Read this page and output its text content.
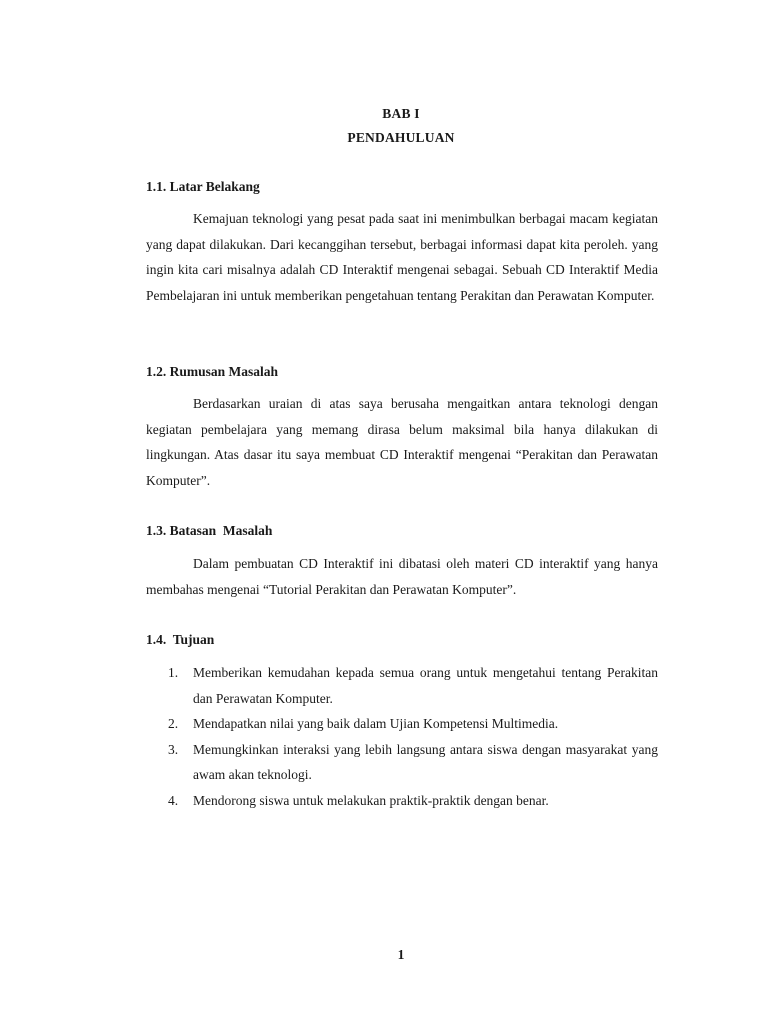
BAB I
PENDAHULUAN
1.1. Latar Belakang

Kemajuan teknologi yang pesat pada saat ini menimbulkan berbagai macam kegiatan yang dapat dilakukan. Dari kecanggihan tersebut, berbagai informasi dapat kita peroleh. yang ingin kita cari misalnya adalah CD Interaktif mengenai sebagai. Sebuah CD Interaktif Media Pembelajaran ini untuk memberikan pengetahuan tentang Perakitan dan Perawatan Komputer.

1.2. Rumusan Masalah

Berdasarkan uraian di atas saya berusaha mengaitkan antara teknologi dengan kegiatan pembelajara yang memang dirasa belum maksimal bila hanya dilakukan di lingkungan. Atas dasar itu saya membuat CD Interaktif mengenai “Perakitan dan Perawatan Komputer”.

1.3. Batasan  Masalah

Dalam pembuatan CD Interaktif ini dibatasi oleh materi CD interaktif yang hanya membahas mengenai “Tutorial Perakitan dan Perawatan Komputer”.

1.4.  Tujuan
1.	Memberikan kemudahan kepada semua orang untuk mengetahui tentang Perakitan dan Perawatan Komputer.
2.	Mendapatkan nilai yang baik dalam Ujian Kompetensi Multimedia.
3.	Memungkinkan interaksi yang lebih langsung antara siswa dengan masyarakat yang awam akan teknologi.
4.	Mendorong siswa untuk melakukan praktik-praktik dengan benar.
1
